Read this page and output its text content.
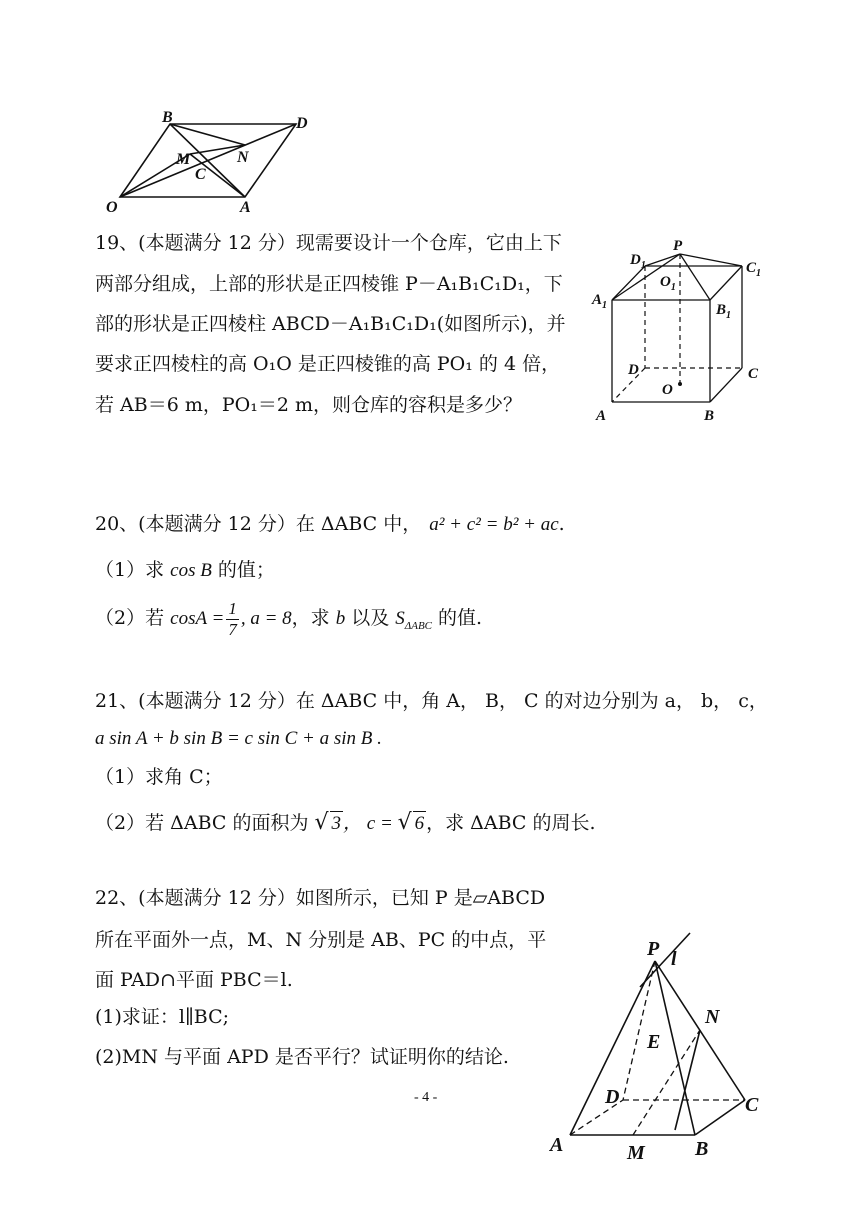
B	D
M	N
C
O	A
19、(本题满分 12 分）现需要设计一个仓库，它由上下
两部分组成，上部的形状是正四棱锥 P－A₁B₁C₁D₁，下
部的形状是正四棱柱 ABCD－A₁B₁C₁D₁(如图所示)，并
要求正四棱柱的高 O₁O 是正四棱锥的高 PO₁ 的 4 倍，
若 AB＝6 m，PO₁＝2 m，则仓库的容积是多少？
$D_1$
P
$C_1$
$A_1$
$O_1$
$B_1$
D	C
O
A	B
20、(本题满分 12 分）在 ΔABC 中， a² + c² = b² + ac.
（1）求 cos B 的值；
（2）若 $\cos A = \frac{1}{7}$ , a = 8，求 b 以及 $S_{\Delta ABC}$ 的值.
21、(本题满分 12 分）在 ΔABC 中，角 A， B， C 的对边分别为 a， b， c，
a sin A + b sin B = c sin C + a sin B .
（1）求角 C；
（2）若 ΔABC 的面积为 √ 3 ， c = √ 6 ，求 ΔABC 的周长.
22、(本题满分 12 分）如图所示，已知 P 是▱ABCD
所在平面外一点，M、N 分别是 AB、PC 的中点，平
面 PAD∩平面 PBC＝l.
(1)求证：l∥BC;
(2)MN 与平面 APD 是否平行？试证明你的结论.
P l
N
E
D	C
A	M	B
- 4 -
